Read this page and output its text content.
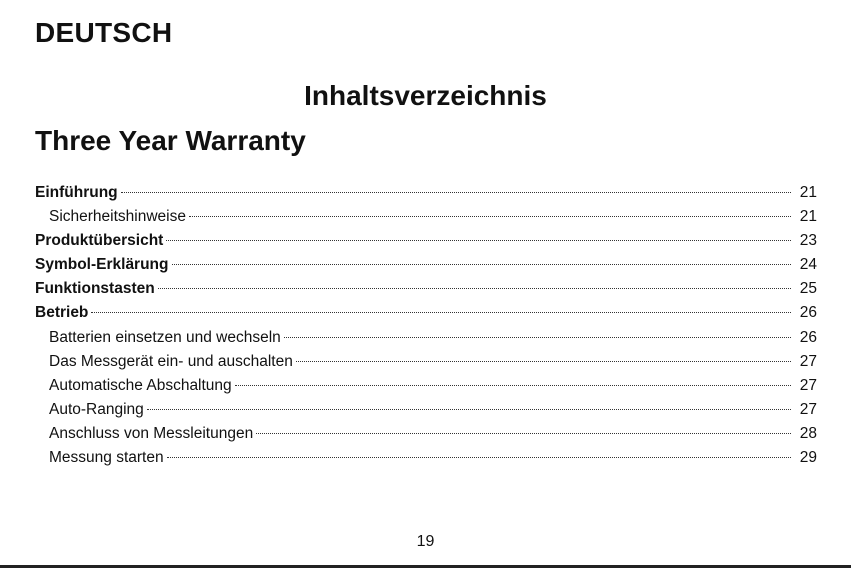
DEUTSCH
Inhaltsverzeichnis
Three Year Warranty
Einführung	21
Sicherheitshinweise	21
Produktübersicht	23
Symbol-Erklärung	24
Funktionstasten	25
Betrieb	26
Batterien einsetzen und wechseln	26
Das Messgerät ein- und auschalten	27
Automatische Abschaltung	27
Auto-Ranging	27
Anschluss von Messleitungen	28
Messung starten	29
19
